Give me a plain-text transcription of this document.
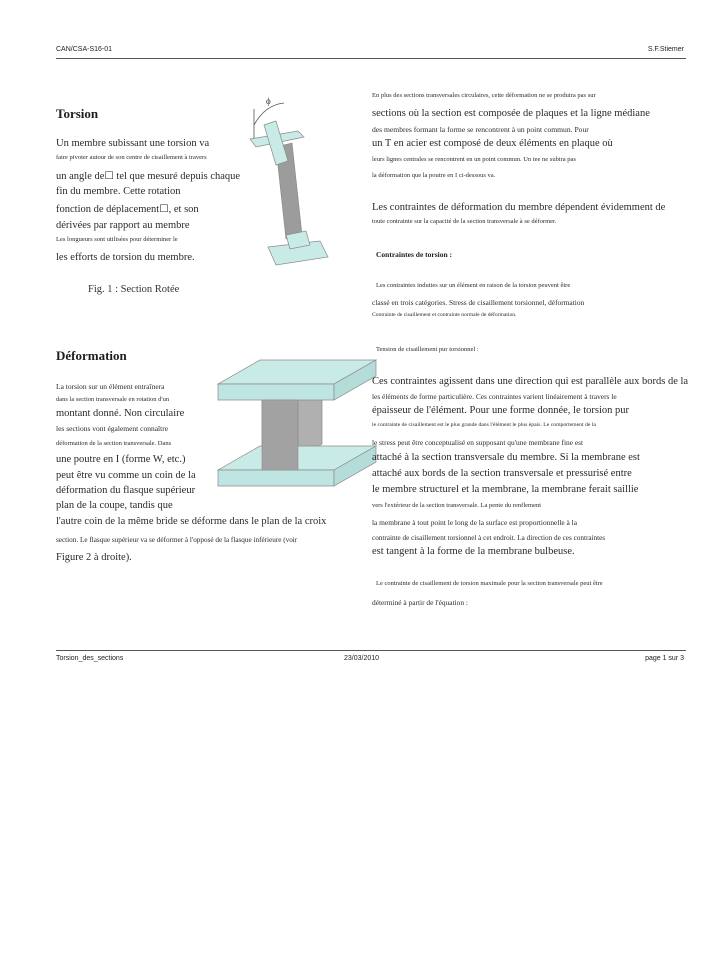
CAN/CSA-S16-01	S.F.Stiemer
Torsion
Un membre subissant une torsion va
faire pivoter autour de son centre de cisaillement à travers
un angle de☐ tel que mesuré depuis chaque
fin du membre. Cette rotation
fonction de déplacement☐, et son
dérivées par rapport au membre
Les longueurs sont utilisées pour déterminer le
les efforts de torsion du membre.
Fig. 1 : Section Rotée
ϕ
Déformation
La torsion sur un élément entraînera
dans la section transversale en rotation d'un
montant donné. Non circulaire
les sections vont également connaître
déformation de la section transversale. Dans
une poutre en I (forme W, etc.)
peut être vu comme un coin de la
déformation du flasque supérieur
plan de la coupe, tandis que
l'autre coin de la même bride se déforme dans le plan de la croix
section. Le flasque supérieur va se déformer à l'opposé de la flasque inférieure (voir
Figure 2 à droite).
En plus des sections transversales circulaires, cette déformation ne se produira pas sur
sections où la section est composée de plaques et la ligne médiane
des membres formant la forme se rencontrent à un point commun. Pour
un T en acier est composé de deux éléments en plaque où
leurs lignes centrales se rencontrent en un point commun. Un tee ne subira pas
la déformation que la poutre en I ci-dessous va.
Les contraintes de déformation du membre dépendent évidemment de
toute contrainte sur la capacité de la section transversale à se déformer.
Contraintes de torsion :
Les contraintes induites sur un élément en raison de la torsion peuvent être
classé en trois catégories. Stress de cisaillement torsionnel, déformation
Contrainte de cisaillement et contrainte normale de déformation.
Tension de cisaillement pur torsionnel :
Ces contraintes agissent dans une direction qui est parallèle aux bords de la
les éléments de forme particulière. Ces contraintes varient linéairement à travers le
épaisseur de l'élément. Pour une forme donnée, le torsion pur
le contrainte de cisaillement est le plus grande dans l'élément le plus épais. Le comportement de la
le stress peut être conceptualisé en supposant qu'une membrane fine est
attaché à la section transversale du membre. Si la membrane est
attaché aux bords de la section transversale et pressurisé entre
le membre structurel et la membrane, la membrane ferait saillie
vers l'extérieur de la section transversale. La pente du renflement
la membrane à tout point le long de la surface est proportionnelle à la
contrainte de cisaillement torsionnel à cet endroit. La direction de ces contraintes
est tangent à la forme de la membrane bulbeuse.
Le contrainte de cisaillement de torsion maximale pour la section transversale peut être
déterminé à partir de l'équation :
Torsion_des_sections	23/03/2010	page 1 sur 3
